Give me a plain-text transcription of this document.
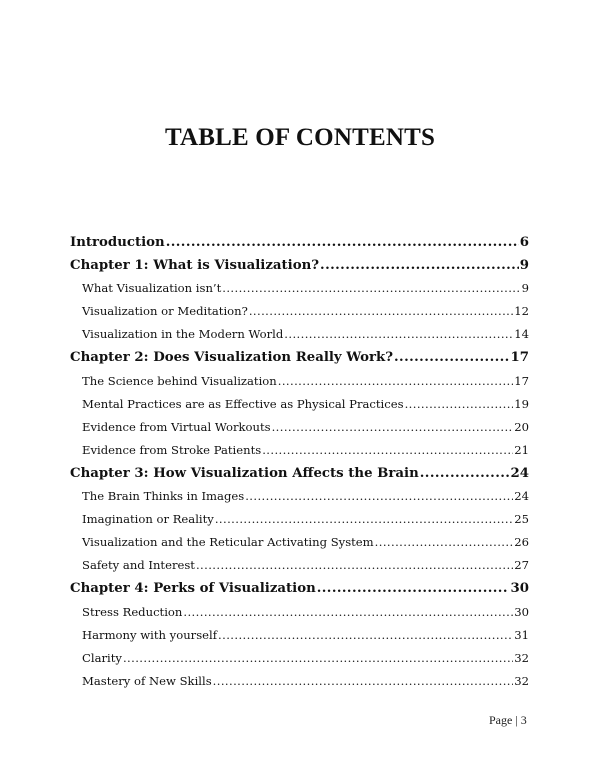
TABLE OF CONTENTS
Introduction .....	6
Chapter 1: What is Visualization? .....	9
What Visualization isn’t .....	9
Visualization or Meditation? .....	12
Visualization in the Modern World .....	14
Chapter 2: Does Visualization Really Work? .....	17
The Science behind Visualization .....	17
Mental Practices are as Effective as Physical Practices .....	19
Evidence from Virtual Workouts .....	20
Evidence from Stroke Patients .....	21
Chapter 3: How Visualization Affects the Brain .....	24
The Brain Thinks in Images .....	24
Imagination or Reality .....	25
Visualization and the Reticular Activating System .....	26
Safety and Interest .....	27
Chapter 4: Perks of Visualization .....	30
Stress Reduction .....	30
Harmony with yourself .....	31
Clarity .....	32
Mastery of New Skills .....	32
Page | 3
